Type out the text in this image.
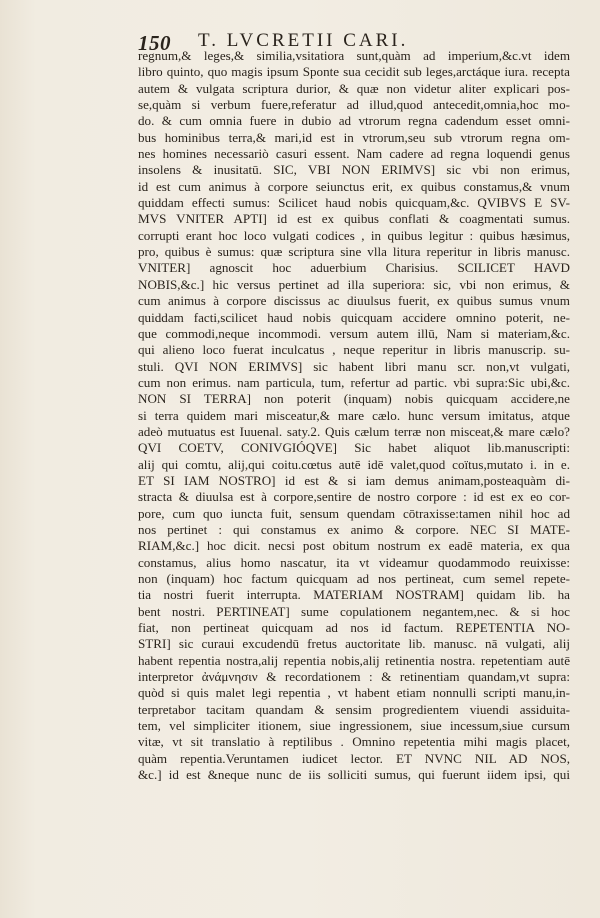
150 T. LVCRETII CARI.
regnum,& leges,& similia,vsitatiora sunt,quàm ad imperium,&c.vt idem
libro quinto, quo magis ipsum Sponte sua cecidit sub leges,arctáque iura. recepta
autem & vulgata scriptura durior, & quæ non videtur aliter explicari pos-
se,quàm si verbum fuere,referatur ad illud,quod antecedit,omnia,hoc mo-
do. & cum omnia fuere in dubio ad vtrorum regna cadendum esset omni-
bus hominibus terra,& mari,id est in vtrorum,seu sub vtrorum regna om-
nes homines necessariò casuri essent. Nam cadere ad regna loquendi genus
insolens & inusitatū. SIC, VBI NON ERIMVS] sic vbi non erimus,
id est cum animus à corpore seiunctus erit, ex quibus constamus,& vnum
quiddam effecti sumus: Scilicet haud nobis quicquam,&c. QVIBVS E SV-
MVS VNITER APTI] id est ex quibus conflati & coagmentati sumus.
corrupti erant hoc loco vulgati codices , in quibus legitur : quibus hæsimus,
pro, quibus è sumus: quæ scriptura sine vlla litura reperitur in libris manusc.
VNITER] agnoscit hoc aduerbium Charisius. SCILICET HAVD
NOBIS,&c.] hic versus pertinet ad illa superiora: sic, vbi non erimus, &
cum animus à corpore discissus ac diuulsus fuerit, ex quibus sumus vnum
quiddam facti,scilicet haud nobis quicquam accidere omnino poterit, ne-
que commodi,neque incommodi. versum autem illū, Nam si materiam,&c.
qui alieno loco fuerat inculcatus , neque reperitur in libris manuscrip. su-
stuli. QVI NON ERIMVS] sic habent libri manu scr. non,vt vulgati,
cum non erimus. nam particula, tum, refertur ad partic. vbi supra:Sic ubi,&c.
NON SI TERRA] non poterit (inquam) nobis quicquam accidere,ne
si terra quidem mari misceatur,& mare cælo. hunc versum imitatus, atque
adeò mutuatus est Iuuenal. saty.2. Quis cælum terræ non misceat,& mare cælo?
QVI COETV, CONIVGIÓQVE] Sic habet aliquot lib.manuscripti:
alij qui comtu, alij,qui coitu.cœtus autē idē valet,quod coïtus,mutato i. in e.
ET SI IAM NOSTRO] id est & si iam demus animam,posteaquàm di-
stracta & diuulsa est à corpore,sentire de nostro corpore : id est ex eo cor-
pore, cum quo iuncta fuit, sensum quendam cōtraxisse:tamen nihil hoc ad
nos pertinet : qui constamus ex animo & corpore. NEC SI MATE-
RIAM,&c.] hoc dicit. necsi post obitum nostrum ex eadē materia, ex qua
constamus, alius homo nascatur, ita vt videamur quodammodo reuixisse:
non (inquam) hoc factum quicquam ad nos pertineat, cum semel repete-
tia nostri fuerit interrupta. MATERIAM NOSTRAM] quidam lib. ha
bent nostri. PERTINEAT] sume copulationem negantem,nec. & si hoc
fiat, non pertineat quicquam ad nos id factum. REPETENTIA NO-
STRI] sic curaui excudendū fretus auctoritate lib. manusc. nā vulgati, alij
habent repentia nostra,alij repentia nobis,alij retinentia nostra. repetentiam autē
interpretor ἀνάμνησιν & recordationem : & retinentiam quandam,vt supra:
quòd si quis malet legi repentia , vt habent etiam nonnulli scripti manu,in-
terpretabor tacitam quandam & sensim progredientem viuendi assiduita-
tem, vel simpliciter itionem, siue ingressionem, siue incessum,siue cursum
vitæ, vt sit translatio à reptilibus . Omnino repetentia mihi magis placet,
quàm repentia.Veruntamen iudicet lector. ET NVNC NIL AD NOS,
&c.] id est &neque nunc de iis solliciti sumus, qui fuerunt iidem ipsi, qui
